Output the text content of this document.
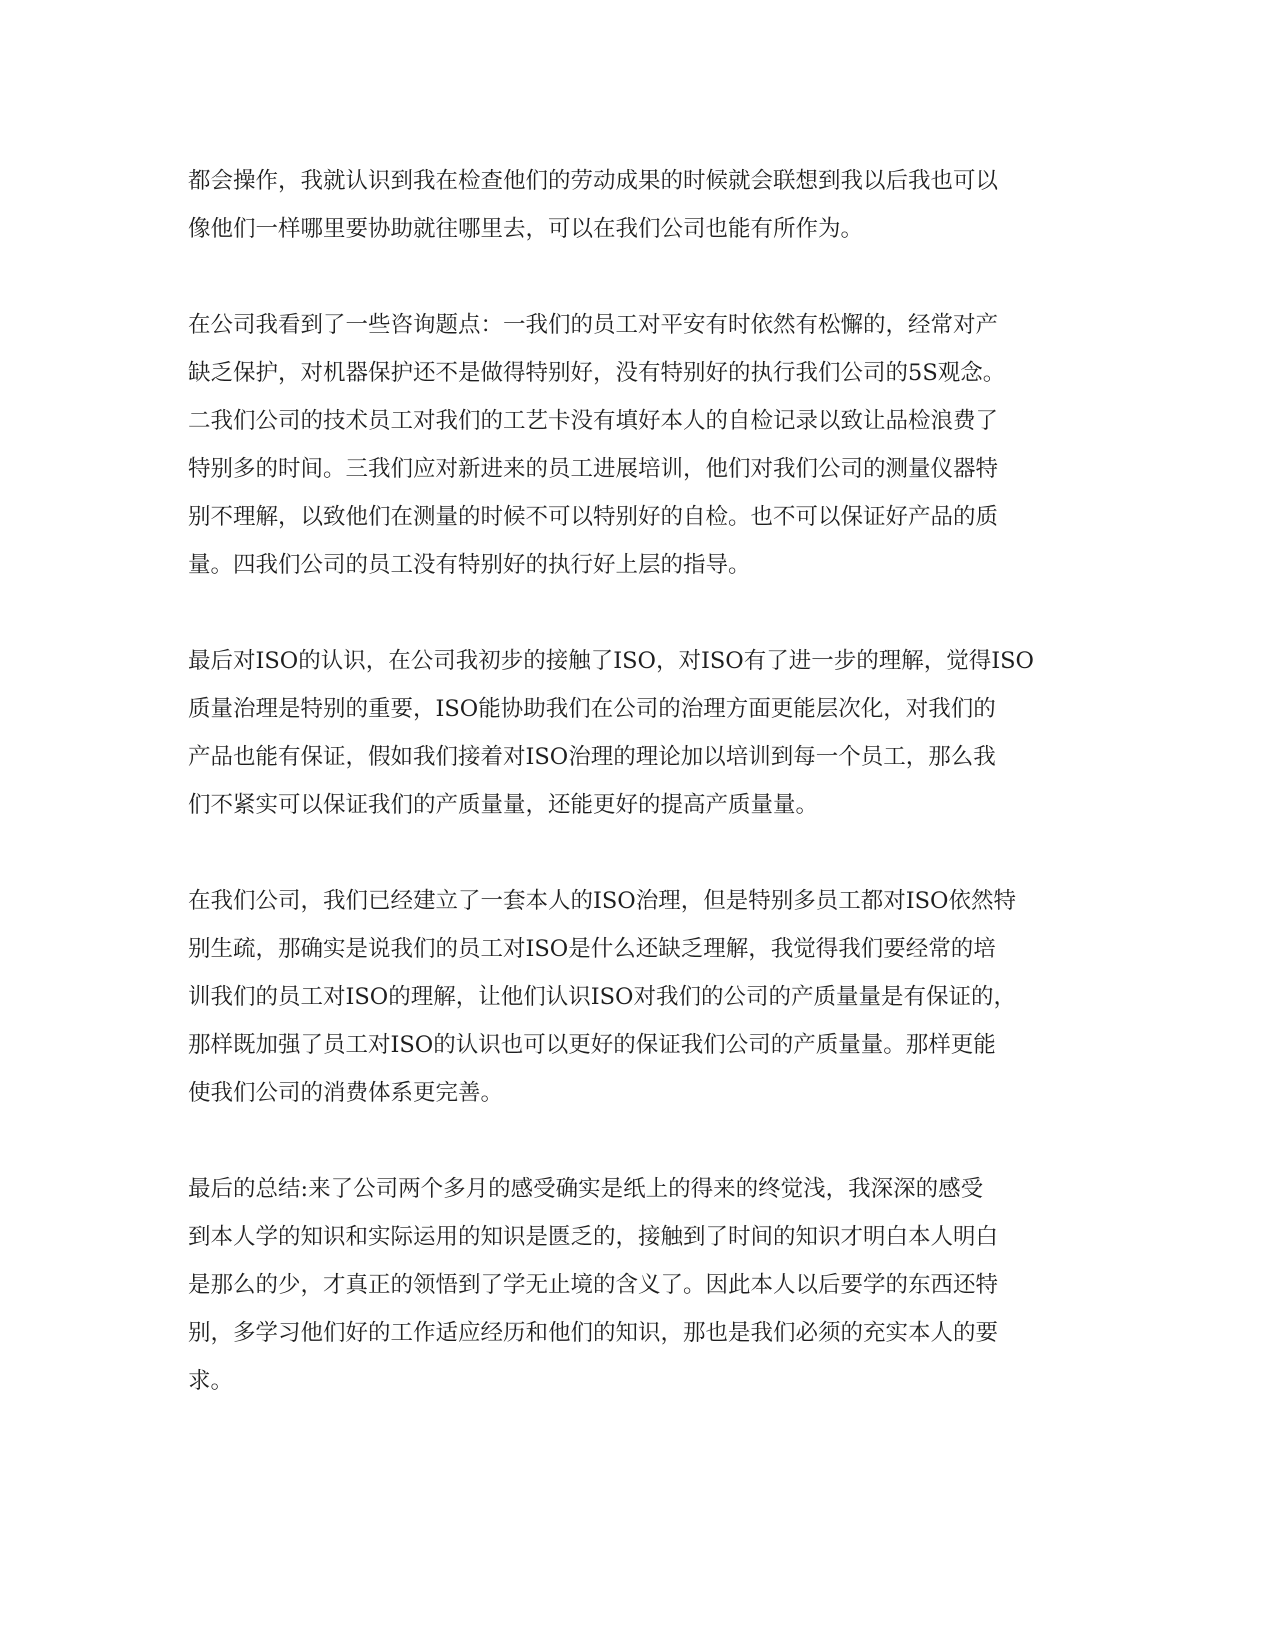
都会操作，我就认识到我在检查他们的劳动成果的时候就会联想到我以后我也可以
像他们一样哪里要协助就往哪里去，可以在我们公司也能有所作为。
在公司我看到了一些咨询题点：一我们的员工对平安有时依然有松懈的，经常对产
缺乏保护，对机器保护还不是做得特别好，没有特别好的执行我们公司的5S观念。
二我们公司的技术员工对我们的工艺卡没有填好本人的自检记录以致让品检浪费了
特别多的时间。三我们应对新进来的员工进展培训，他们对我们公司的测量仪器特
别不理解，以致他们在测量的时候不可以特别好的自检。也不可以保证好产品的质
量。四我们公司的员工没有特别好的执行好上层的指导。
最后对ISO的认识，在公司我初步的接触了ISO，对ISO有了进一步的理解，觉得ISO
质量治理是特别的重要，ISO能协助我们在公司的治理方面更能层次化，对我们的
产品也能有保证，假如我们接着对ISO治理的理论加以培训到每一个员工，那么我
们不紧实可以保证我们的产质量量，还能更好的提高产质量量。
在我们公司，我们已经建立了一套本人的ISO治理，但是特别多员工都对ISO依然特
别生疏，那确实是说我们的员工对ISO是什么还缺乏理解，我觉得我们要经常的培
训我们的员工对ISO的理解，让他们认识ISO对我们的公司的产质量量是有保证的，
那样既加强了员工对ISO的认识也可以更好的保证我们公司的产质量量。那样更能
使我们公司的消费体系更完善。
最后的总结:来了公司两个多月的感受确实是纸上的得来的终觉浅，我深深的感受
到本人学的知识和实际运用的知识是匮乏的，接触到了时间的知识才明白本人明白
是那么的少，才真正的领悟到了学无止境的含义了。因此本人以后要学的东西还特
别，多学习他们好的工作适应经历和他们的知识，那也是我们必须的充实本人的要
求。
